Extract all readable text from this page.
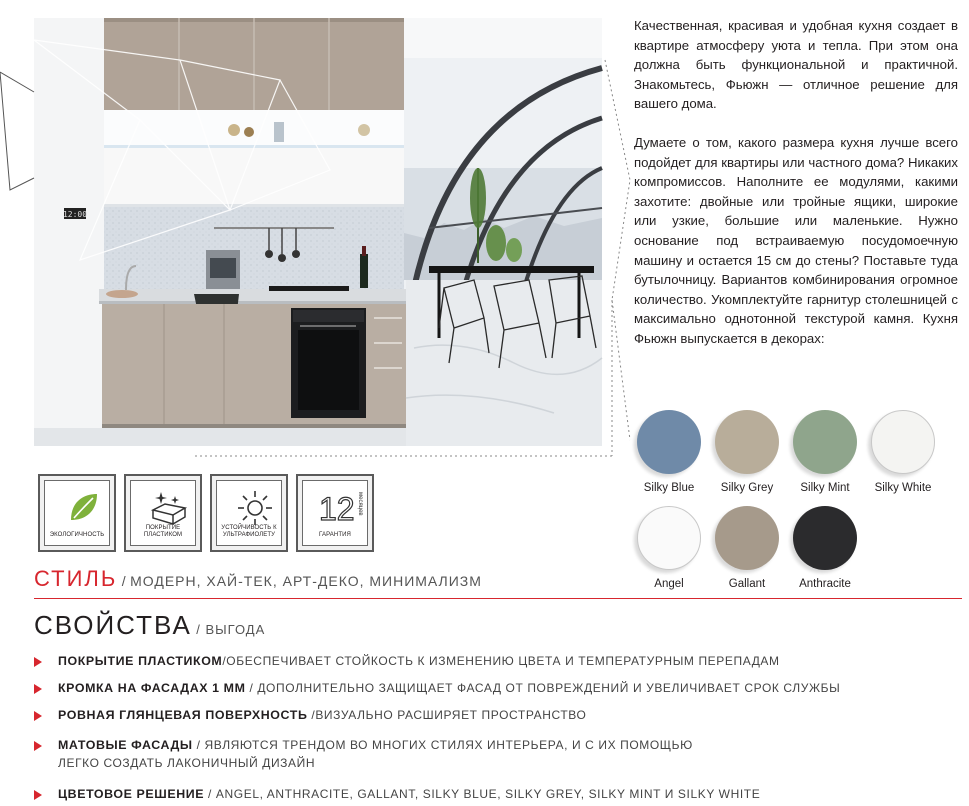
12:00

Качественная, красивая и удобная кухня создает в квартире атмосферу уюта и тепла. При этом она должна быть функциональной и практичной. Знакомьтесь, Фьюжн — отличное решение для вашего дома.

Думаете о том, какого размера кухня лучше всего подойдет для квартиры или частного дома? Никаких компромиссов. Наполните ее модулями, какими захотите: двойные или тройные ящики, широкие или узкие, большие или маленькие. Нужно основание под встраиваемую посудомоечную машину и остается 15 см до стены? Поставьте туда бутылочницу. Вариантов комбинирования огромное количество. Укомплектуйте гарнитур столешницей с максимально однотонной текстурой камня. Кухня Фьюжн выпускается в декорах:

Silky Blue	Silky Grey	Silky Mint	Silky White
Angel	Gallant	Anthracite
ЭКОЛОГИЧНОСТЬ
ПОКРЫТИЕ ПЛАСТИКОМ
УСТОЙЧИВОСТЬ К УЛЬТРАФИОЛЕТУ
12 месяцев
ГАРАНТИЯ
СТИЛЬ / МОДЕРН, ХАЙ-ТЕК, АРТ-ДЕКО, МИНИМАЛИЗМ
СВОЙСТВА / ВЫГОДА
ПОКРЫТИЕ ПЛАСТИКОМ/ОБЕСПЕЧИВАЕТ СТОЙКОСТЬ К ИЗМЕНЕНИЮ ЦВЕТА И ТЕМПЕРАТУРНЫМ ПЕРЕПАДАМ
КРОМКА НА ФАСАДАХ 1 ММ / ДОПОЛНИТЕЛЬНО ЗАЩИЩАЕТ ФАСАД ОТ ПОВРЕЖДЕНИЙ И УВЕЛИЧИВАЕТ СРОК СЛУЖБЫ
РОВНАЯ ГЛЯНЦЕВАЯ ПОВЕРХНОСТЬ /ВИЗУАЛЬНО РАСШИРЯЕТ ПРОСТРАНСТВО
МАТОВЫЕ ФАСАДЫ / ЯВЛЯЮТСЯ ТРЕНДОМ ВО МНОГИХ СТИЛЯХ ИНТЕРЬЕРА, И С ИХ ПОМОЩЬЮ
ЛЕГКО СОЗДАТЬ ЛАКОНИЧНЫЙ ДИЗАЙН
ЦВЕТОВОЕ РЕШЕНИЕ / ANGEL, ANTHRACITE, GALLANT, SILKY BLUE, SILKY GREY, SILKY MINT И SILKY WHITE
